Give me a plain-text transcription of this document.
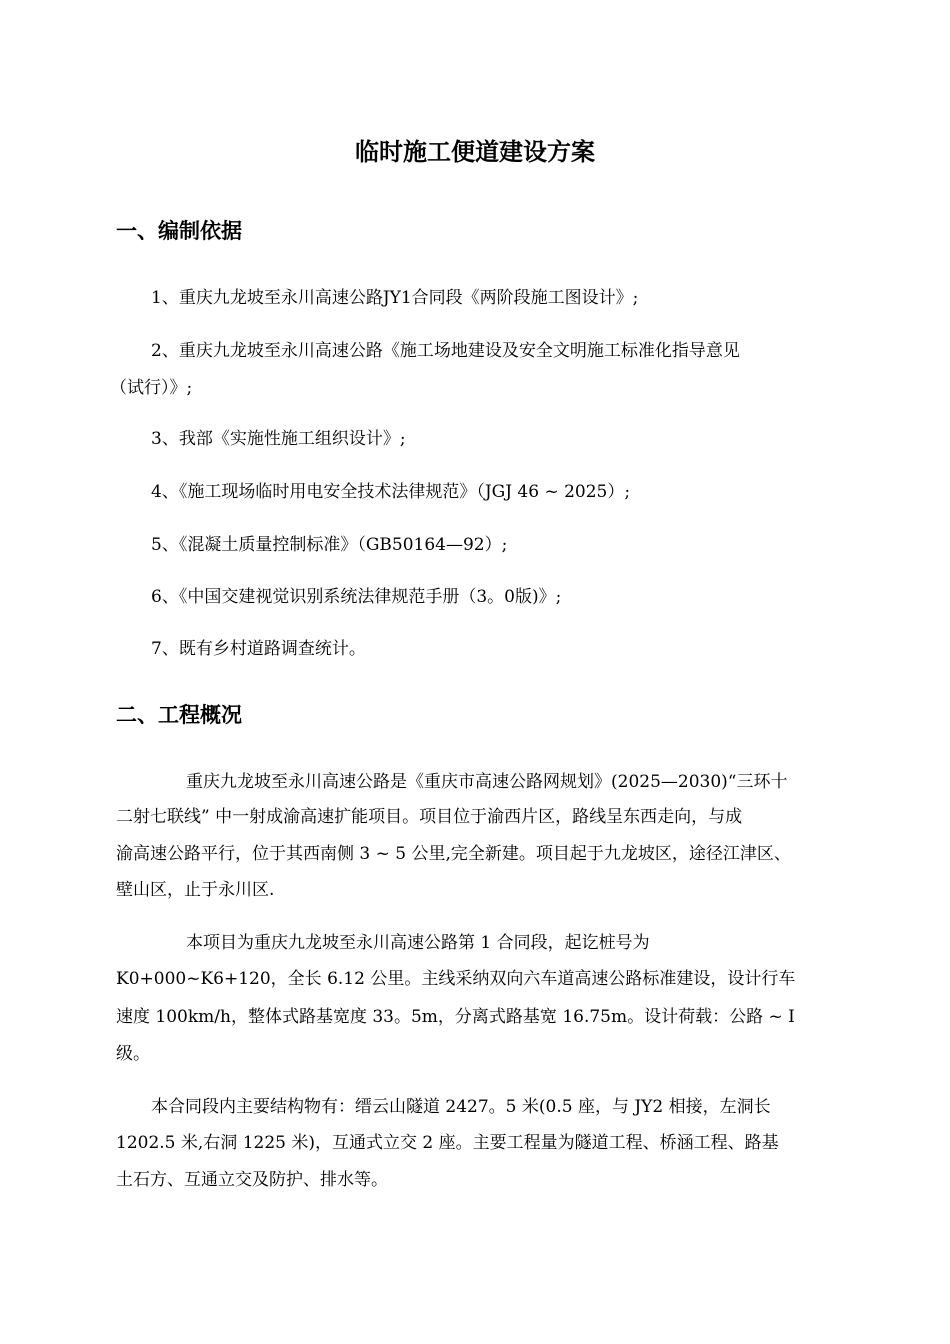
临时施工便道建设方案
一、编制依据
1、重庆九龙坡至永川高速公路JY1合同段《两阶段施工图设计》;
2、重庆九龙坡至永川高速公路《施工场地建设及安全文明施工标准化指导意见
（试行）》;
3、我部《实施性施工组织设计》;
4、《施工现场临时用电安全技术法律规范》（JGJ 46 ~ 2025）;
5、《混凝土质量控制标准》（GB50164—92）;
6、《中国交建视觉识别系统法律规范手册（3。0版)》;
7、既有乡村道路调查统计。
二、工程概况
重庆九龙坡至永川高速公路是《重庆市高速公路网规划》(2025—2030)“三环十
二射七联线” 中一射成渝高速扩能项目。项目位于渝西片区，路线呈东西走向，与成
渝高速公路平行，位于其西南侧 3 ~ 5 公里,完全新建。项目起于九龙坡区，途径江津区、
壁山区，止于永川区.
本项目为重庆九龙坡至永川高速公路第 1 合同段，起讫桩号为
K0+000~K6+120，全长 6.12 公里。主线采纳双向六车道高速公路标准建设，设计行车
速度 100km/h，整体式路基宽度 33。5m，分离式路基宽 16.75m。设计荷载：公路 ~ I
级。
本合同段内主要结构物有：缙云山隧道 2427。5 米(0.5 座，与 JY2 相接，左洞长
1202.5 米,右洞 1225 米)，互通式立交 2 座。主要工程量为隧道工程、桥涵工程、路基
土石方、互通立交及防护、排水等。
